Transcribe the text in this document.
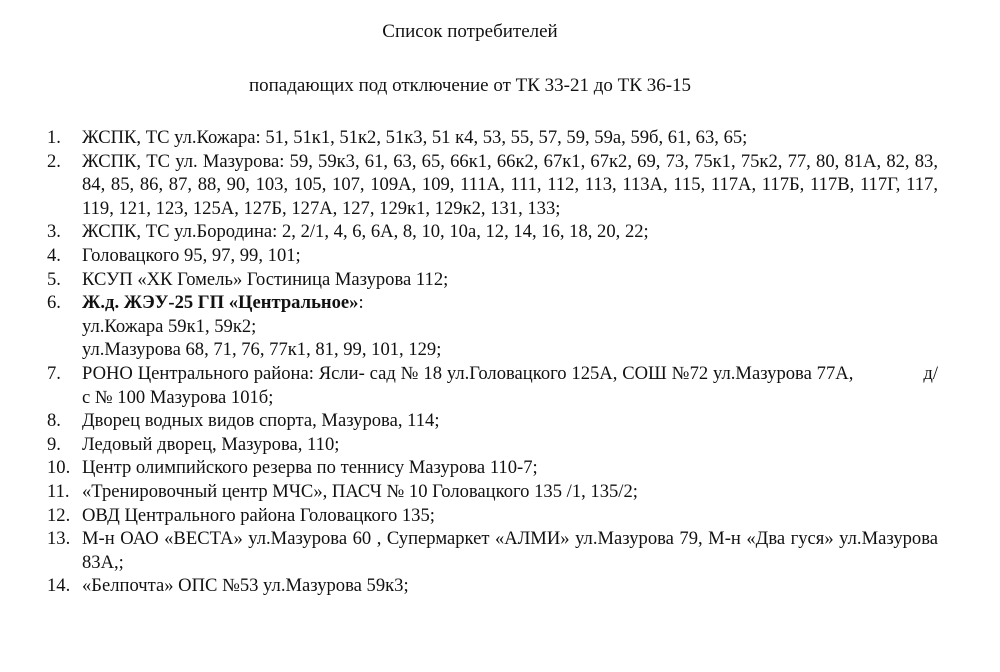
Список потребителей
попадающих под отключение от ТК 33-21 до ТК 36-15
1. ЖСПК, ТС ул.Кожара: 51, 51к1, 51к2, 51к3, 51 к4, 53, 55, 57, 59, 59а, 59б, 61, 63, 65;
2. ЖСПК, ТС ул. Мазурова: 59, 59к3, 61, 63, 65, 66к1, 66к2, 67к1, 67к2, 69, 73, 75к1, 75к2, 77, 80, 81А, 82, 83, 84, 85, 86, 87, 88, 90, 103, 105, 107, 109А, 109, 111А, 111, 112, 113, 113А, 115, 117А, 117Б, 117В, 117Г, 117, 119, 121, 123, 125А, 127Б, 127А, 127, 129к1, 129к2, 131, 133;
3. ЖСПК, ТС ул.Бородина: 2, 2/1, 4, 6, 6А, 8, 10, 10а, 12, 14, 16, 18, 20, 22;
4. Головацкого 95, 97, 99, 101;
5. КСУП «ХК Гомель» Гостиница Мазурова 112;
6. Ж.д. ЖЭУ-25 ГП «Центральное»:
ул.Кожара 59к1, 59к2;
ул.Мазурова 68, 71, 76, 77к1, 81, 99, 101, 129;
7. РОНО Центрального района: Ясли- сад № 18 ул.Головацкого 125А, СОШ №72 ул.Мазурова 77А,	д/с № 100 Мазурова 101б;
8. Дворец водных видов спорта, Мазурова, 114;
9. Ледовый дворец, Мазурова, 110;
10. Центр олимпийского резерва по теннису Мазурова 110-7;
11. «Тренировочный центр МЧС», ПАСЧ № 10 Головацкого 135 /1, 135/2;
12. ОВД Центрального района Головацкого 135;
13. М-н ОАО «ВЕСТА» ул.Мазурова 60 , Супермаркет «АЛМИ» ул.Мазурова 79, М-н «Два гуся» ул.Мазурова 83А,;
14. «Белпочта» ОПС №53 ул.Мазурова 59к3;
